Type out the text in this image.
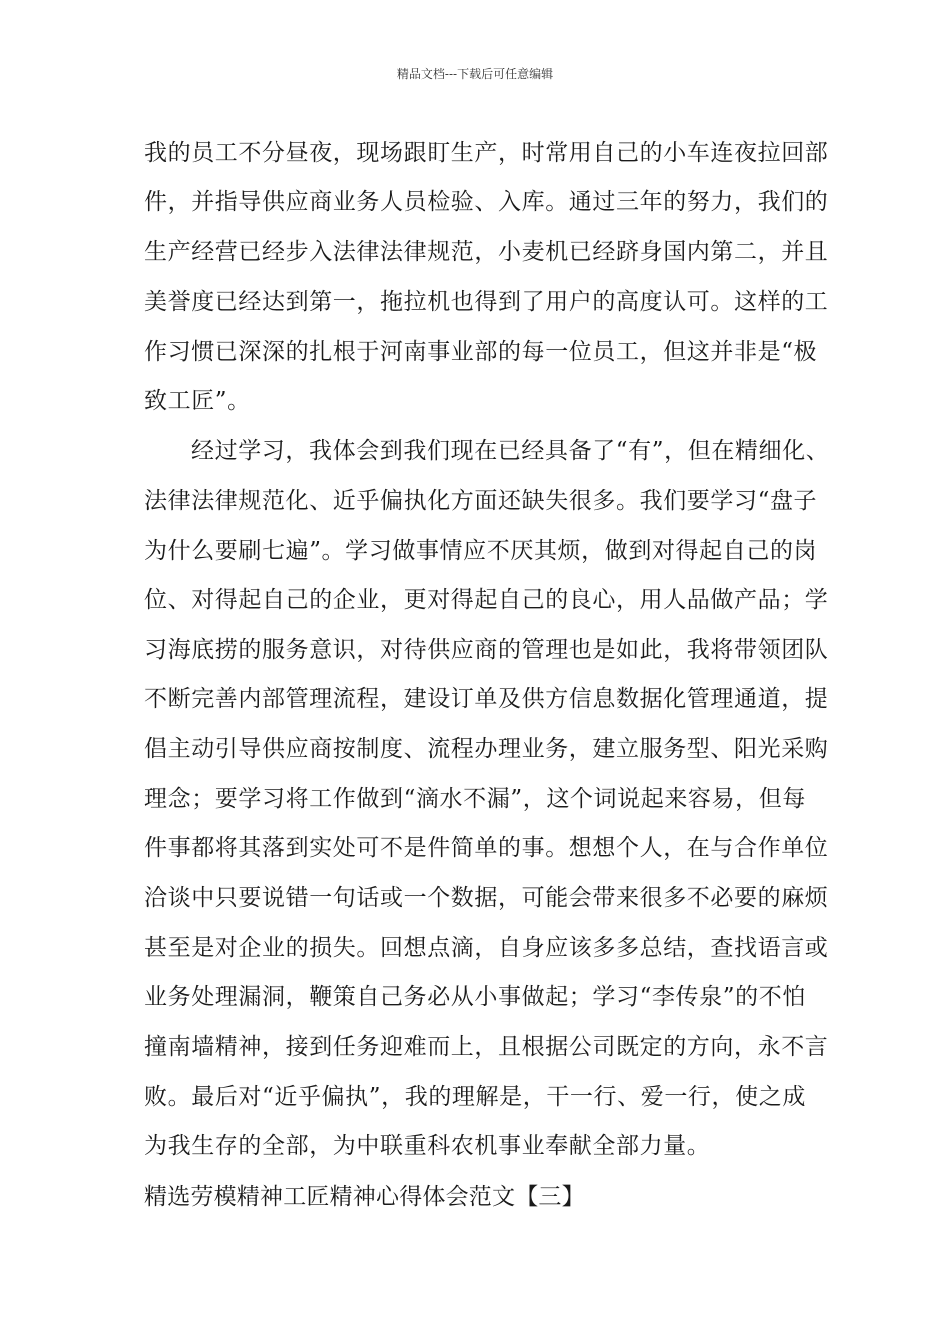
精品文档---下载后可任意编辑
我的员工不分昼夜，现场跟盯生产，时常用自己的小车连夜拉回部
件，并指导供应商业务人员检验、入库。通过三年的努力，我们的
生产经营已经步入法律法律规范，小麦机已经跻身国内第二，并且
美誉度已经达到第一，拖拉机也得到了用户的高度认可。这样的工
作习惯已深深的扎根于河南事业部的每一位员工，但这并非是“极
致工匠”。
经过学习，我体会到我们现在已经具备了“有”，但在精细化、
法律法律规范化、近乎偏执化方面还缺失很多。我们要学习“盘子
为什么要刷七遍”。学习做事情应不厌其烦，做到对得起自己的岗
位、对得起自己的企业，更对得起自己的良心，用人品做产品；学
习海底捞的服务意识，对待供应商的管理也是如此，我将带领团队
不断完善内部管理流程，建设订单及供方信息数据化管理通道，提
倡主动引导供应商按制度、流程办理业务，建立服务型、阳光采购
理念；要学习将工作做到“滴水不漏”，这个词说起来容易，但每
件事都将其落到实处可不是件简单的事。想想个人，在与合作单位
洽谈中只要说错一句话或一个数据，可能会带来很多不必要的麻烦
甚至是对企业的损失。回想点滴，自身应该多多总结，查找语言或
业务处理漏洞，鞭策自己务必从小事做起；学习“李传泉”的不怕
撞南墙精神，接到任务迎难而上，且根据公司既定的方向，永不言
败。最后对“近乎偏执”，我的理解是，干一行、爱一行，使之成
为我生存的全部，为中联重科农机事业奉献全部力量。
精选劳模精神工匠精神心得体会范文【三】
